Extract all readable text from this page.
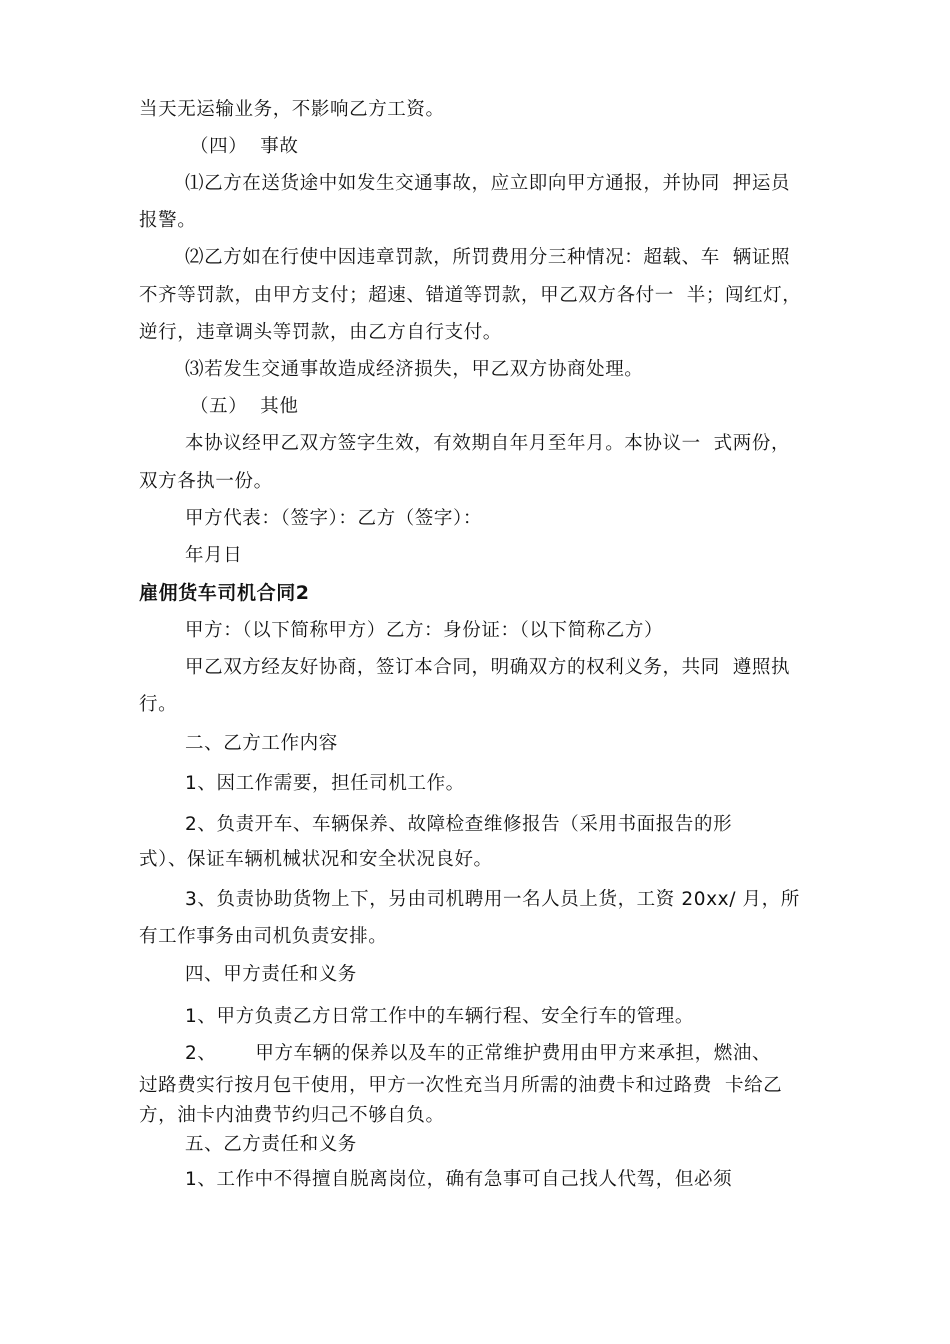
当天无运输业务，不影响乙方工资。
（四）  事故
⑴乙方在送货途中如发生交通事故，应立即向甲方通报，并协同  押运员
报警。
⑵乙方如在行使中因违章罚款，所罚费用分三种情况：超载、车  辆证照
不齐等罚款，由甲方支付；超速、错道等罚款，甲乙双方各付一  半；闯红灯，
逆行，违章调头等罚款，由乙方自行支付。
⑶若发生交通事故造成经济损失，甲乙双方协商处理。
（五）  其他
本协议经甲乙双方签字生效，有效期自年月至年月。本协议一  式两份，
双方各执一份。
甲方代表：（签字）：乙方（签字）：
年月日
雇佣货车司机合同2
甲方：（以下简称甲方）乙方：身份证：（以下简称乙方）
甲乙双方经友好协商，签订本合同，明确双方的权利义务，共同  遵照执
行。
二、乙方工作内容
1、因工作需要，担任司机工作。
2、负责开车、车辆保养、故障检查维修报告（采用书面报告的形
式）、保证车辆机械状况和安全状况良好。
3、负责协助货物上下，另由司机聘用一名人员上货，工资 20xx/ 月，所
有工作事务由司机负责安排。
四、甲方责任和义务
1、甲方负责乙方日常工作中的车辆行程、安全行车的管理。
2、      甲方车辆的保养以及车的正常维护费用由甲方来承担，燃油、
过路费实行按月包干使用，甲方一次性充当月所需的油费卡和过路费  卡给乙
方，油卡内油费节约归己不够自负。
五、乙方责任和义务
1、工作中不得擅自脱离岗位，确有急事可自己找人代驾，但必须
